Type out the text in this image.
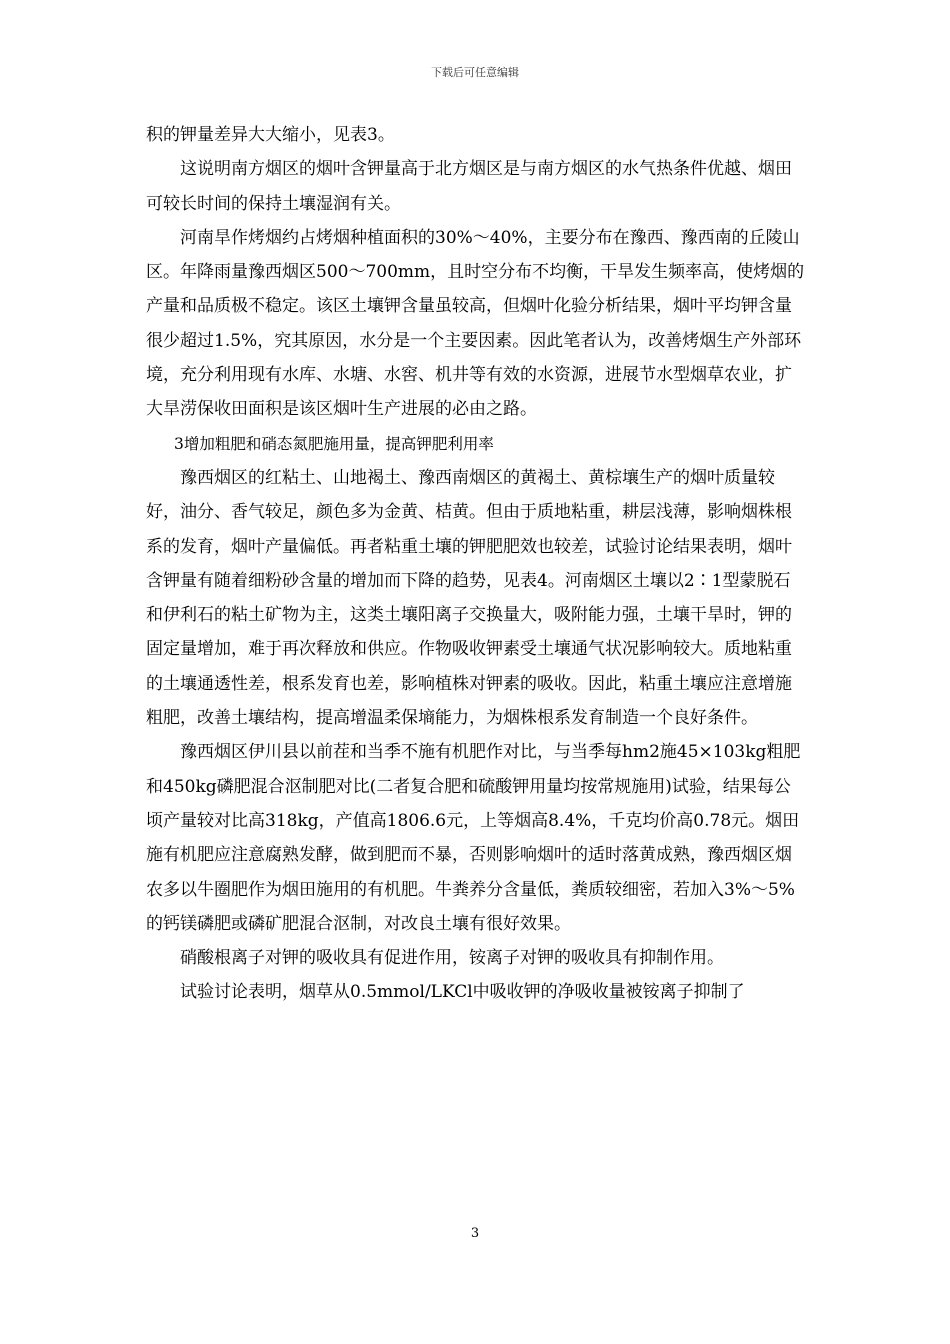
下载后可任意编辑

积的钾量差异大大缩小，见表3。

这说明南方烟区的烟叶含钾量高于北方烟区是与南方烟区的水气热条件优越、烟田可较长时间的保持土壤湿润有关。

河南旱作烤烟约占烤烟种植面积的30%～40%，主要分布在豫西、豫西南的丘陵山区。年降雨量豫西烟区500～700mm，且时空分布不均衡，干旱发生频率高，使烤烟的产量和品质极不稳定。该区土壤钾含量虽较高，但烟叶化验分析结果，烟叶平均钾含量很少超过1.5%，究其原因，水分是一个主要因素。因此笔者认为，改善烤烟生产外部环境，充分利用现有水库、水塘、水窖、机井等有效的水资源，进展节水型烟草农业，扩大旱涝保收田面积是该区烟叶生产进展的必由之路。

3增加粗肥和硝态氮肥施用量，提高钾肥利用率

豫西烟区的红粘土、山地褐土、豫西南烟区的黄褐土、黄棕壤生产的烟叶质量较好，油分、香气较足，颜色多为金黄、桔黄。但由于质地粘重，耕层浅薄，影响烟株根系的发育，烟叶产量偏低。再者粘重土壤的钾肥肥效也较差，试验讨论结果表明，烟叶含钾量有随着细粉砂含量的增加而下降的趋势，见表4。河南烟区土壤以2∶1型蒙脱石和伊利石的粘土矿物为主，这类土壤阳离子交换量大，吸附能力强，土壤干旱时，钾的固定量增加，难于再次释放和供应。作物吸收钾素受土壤通气状况影响较大。质地粘重的土壤通透性差，根系发育也差，影响植株对钾素的吸收。因此，粘重土壤应注意增施粗肥，改善土壤结构，提高增温柔保墒能力，为烟株根系发育制造一个良好条件。

豫西烟区伊川县以前茬和当季不施有机肥作对比，与当季每hm2施45×103kg粗肥和450kg磷肥混合沤制肥对比(二者复合肥和硫酸钾用量均按常规施用)试验，结果每公顷产量较对比高318kg，产值高1806.6元，上等烟高8.4%，千克均价高0.78元。烟田施有机肥应注意腐熟发酵，做到肥而不暴，否则影响烟叶的适时落黄成熟，豫西烟区烟农多以牛圈肥作为烟田施用的有机肥。牛粪养分含量低，粪质较细密，若加入3%～5%的钙镁磷肥或磷矿肥混合沤制，对改良土壤有很好效果。

硝酸根离子对钾的吸收具有促进作用，铵离子对钾的吸收具有抑制作用。

试验讨论表明，烟草从0.5mmol/LKCl中吸收钾的净吸收量被铵离子抑制了

3
